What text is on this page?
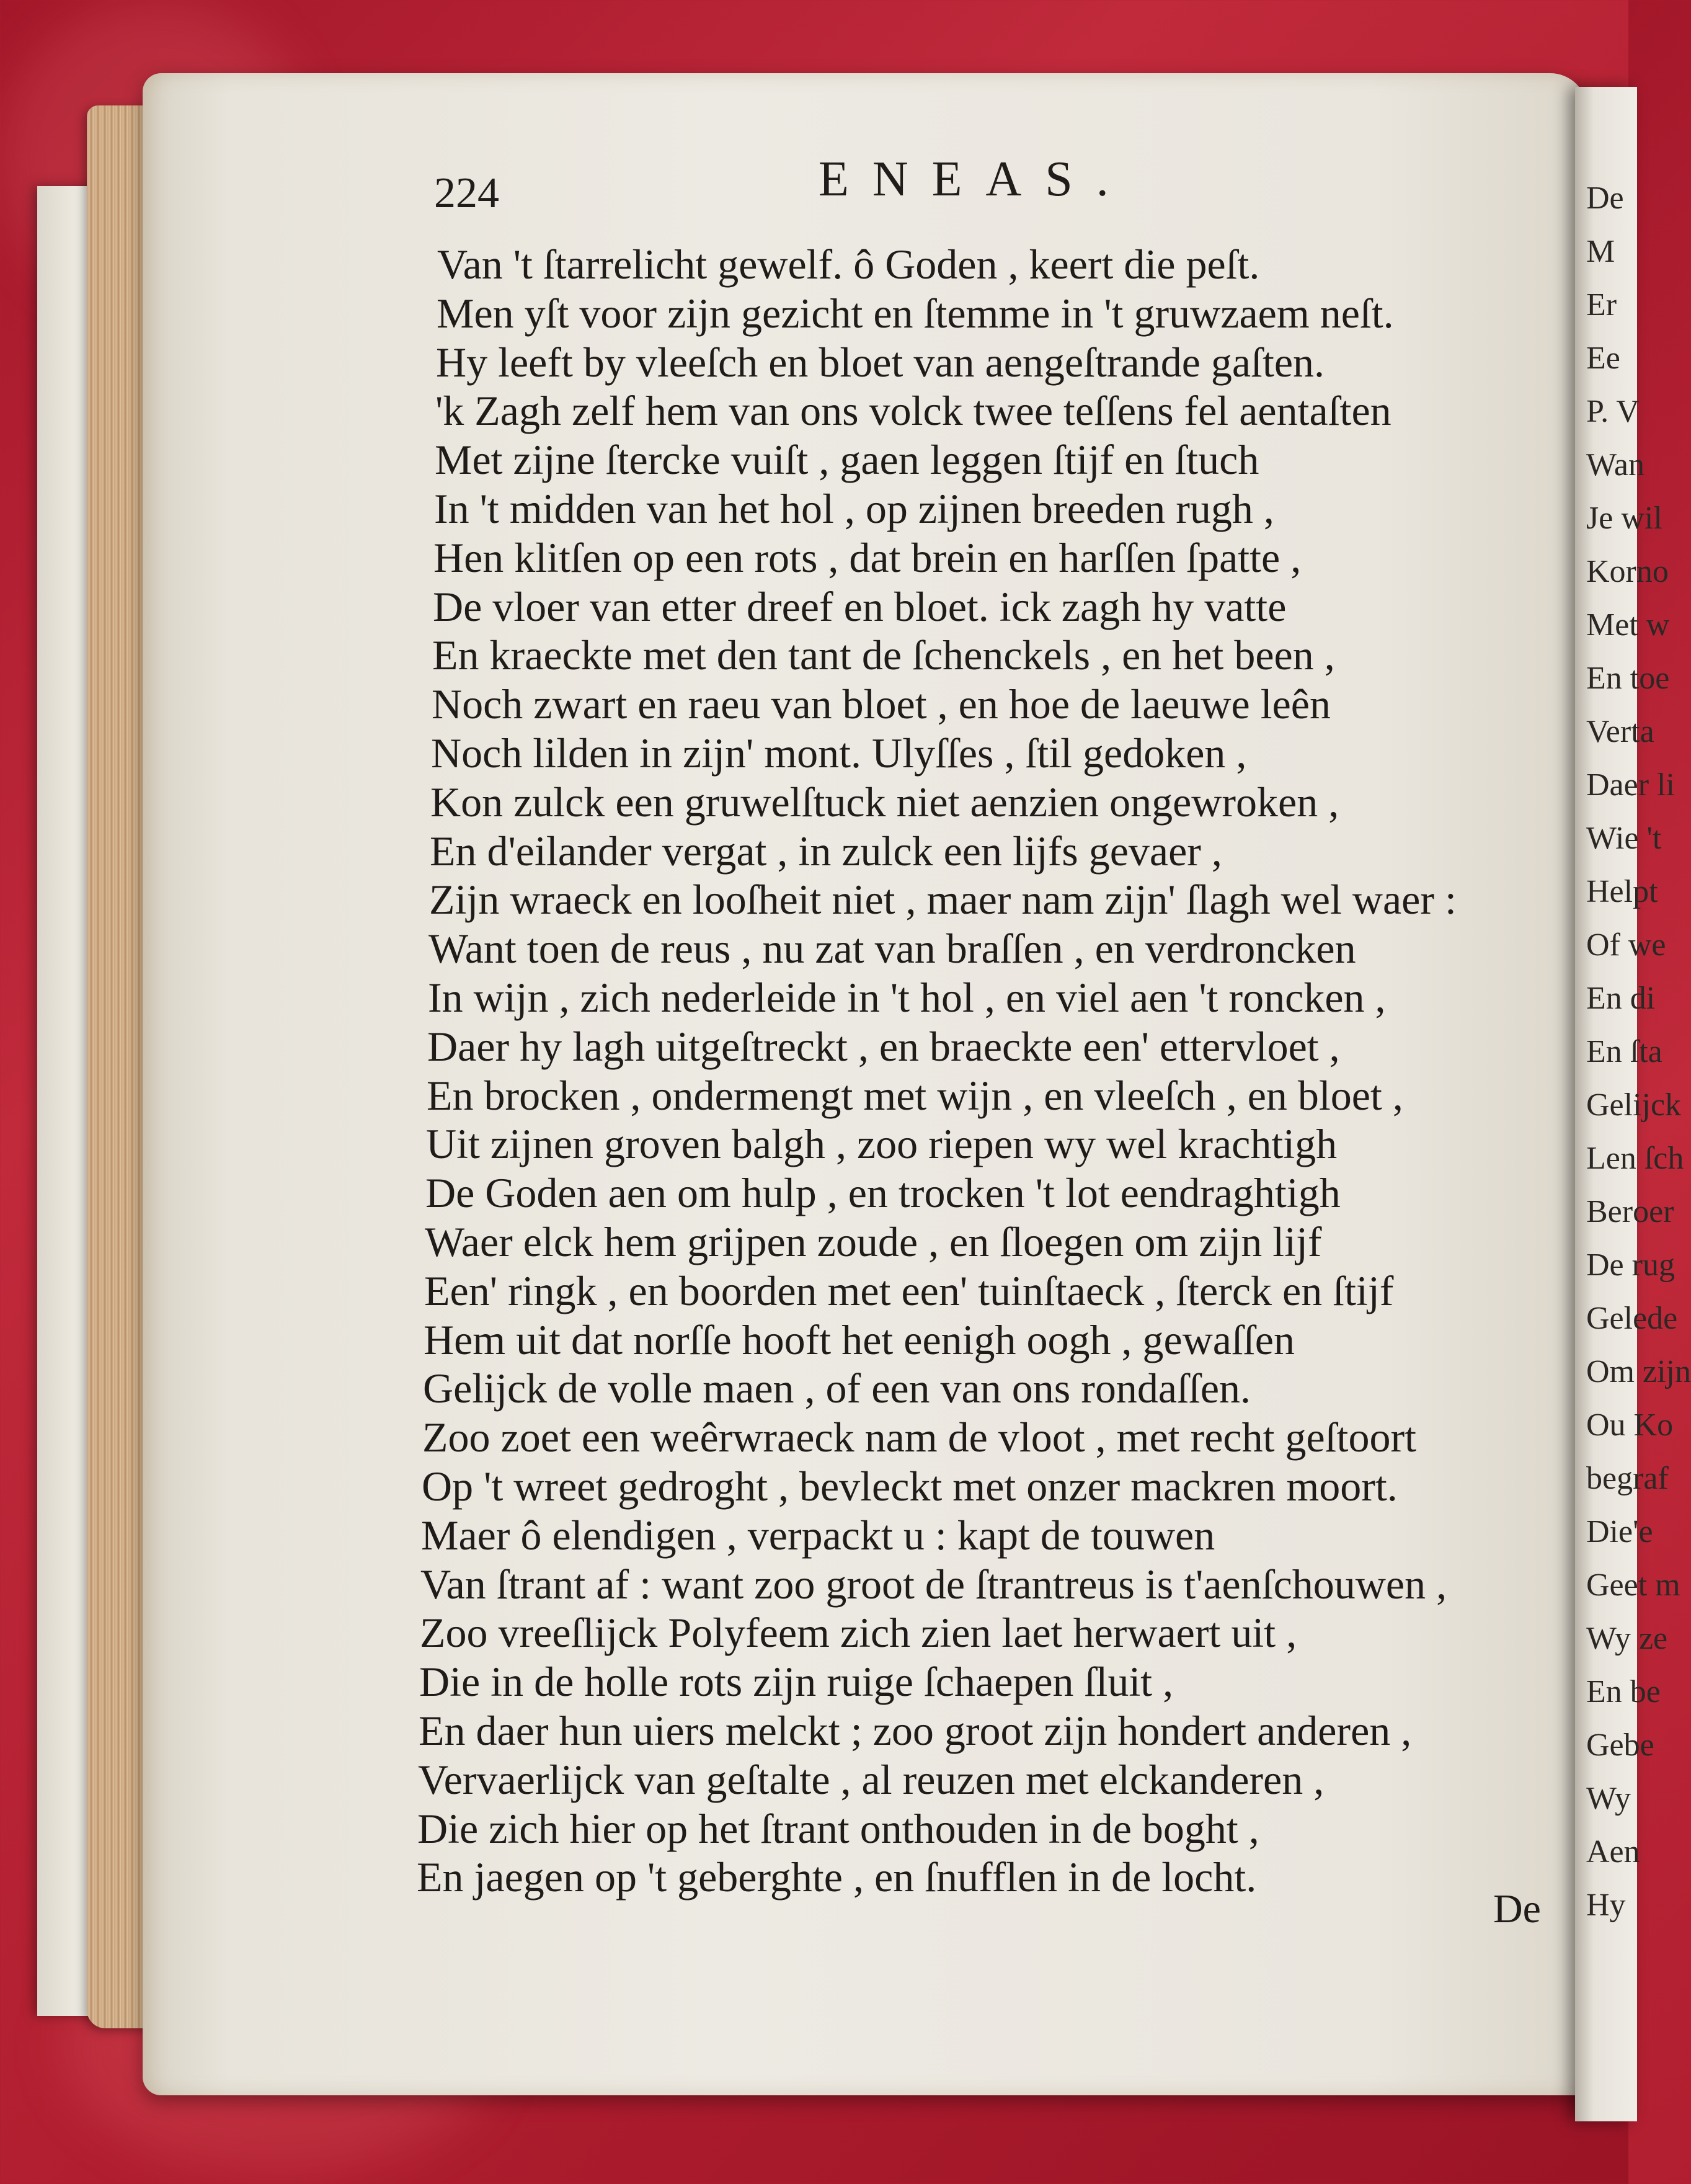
De
M
Er
Ee
P. V
Wan
Je wil
Korno
Met w
En toe
Verta
Daer li
Wie 't
Helpt
Of we
En di
En ſta
Gelijck
Len ſch
Beroer
De rug
Gelede
Om zijn
Ou Ko
begraf
Die'e
Geet m
Wy ze
En be
Gebe
Wy
Aen
Hy
224	ENEAS.
Van 't ſtarrelicht gewelf. ô Goden , keert die peſt.
Men yſt voor zijn gezicht en ſtemme in 't gruwzaem neſt.
Hy leeft by vleeſch en bloet van aengeſtrande gaſten.
'k Zagh zelf hem van ons volck twee teſſens fel aentaſten
Met zijne ſtercke vuiſt , gaen leggen ſtijf en ſtuch
In 't midden van het hol , op zijnen breeden rugh ,
Hen klitſen op een rots , dat brein en harſſen ſpatte ,
De vloer van etter dreef en bloet. ick zagh hy vatte
En kraeckte met den tant de ſchenckels , en het been ,
Noch zwart en raeu van bloet , en hoe de laeuwe leên
Noch lilden in zijn' mont. Ulyſſes , ſtil gedoken ,
Kon zulck een gruwelſtuck niet aenzien ongewroken ,
En d'eilander vergat , in zulck een lijfs gevaer ,
Zijn wraeck en looſheit niet , maer nam zijn' ſlagh wel waer :
Want toen de reus , nu zat van braſſen , en verdroncken
In wijn , zich nederleide in 't hol , en viel aen 't roncken ,
Daer hy lagh uitgeſtreckt , en braeckte een' ettervloet ,
En brocken , ondermengt met wijn , en vleeſch , en bloet ,
Uit zijnen groven balgh , zoo riepen wy wel krachtigh
De Goden aen om hulp , en trocken 't lot eendraghtigh
Waer elck hem grijpen zoude , en ſloegen om zijn lijf
Een' ringk , en boorden met een' tuinſtaeck , ſterck en ſtijf
Hem uit dat norſſe hooft het eenigh oogh , gewaſſen
Gelijck de volle maen , of een van ons rondaſſen.
Zoo zoet een weêrwraeck nam de vloot , met recht geſtoort
Op 't wreet gedroght , bevleckt met onzer mackren moort.
Maer ô elendigen , verpackt u : kapt de touwen
Van ſtrant af : want zoo groot de ſtrantreus is t'aenſchouwen ,
Zoo vreeſlijck Polyfeem zich zien laet herwaert uit ,
Die in de holle rots zijn ruige ſchaepen ſluit ,
En daer hun uiers melckt ; zoo groot zijn hondert anderen ,
Vervaerlijck van geſtalte , al reuzen met elckanderen ,
Die zich hier op het ſtrant onthouden in de boght ,
En jaegen op 't geberghte , en ſnufflen in de locht.
De
